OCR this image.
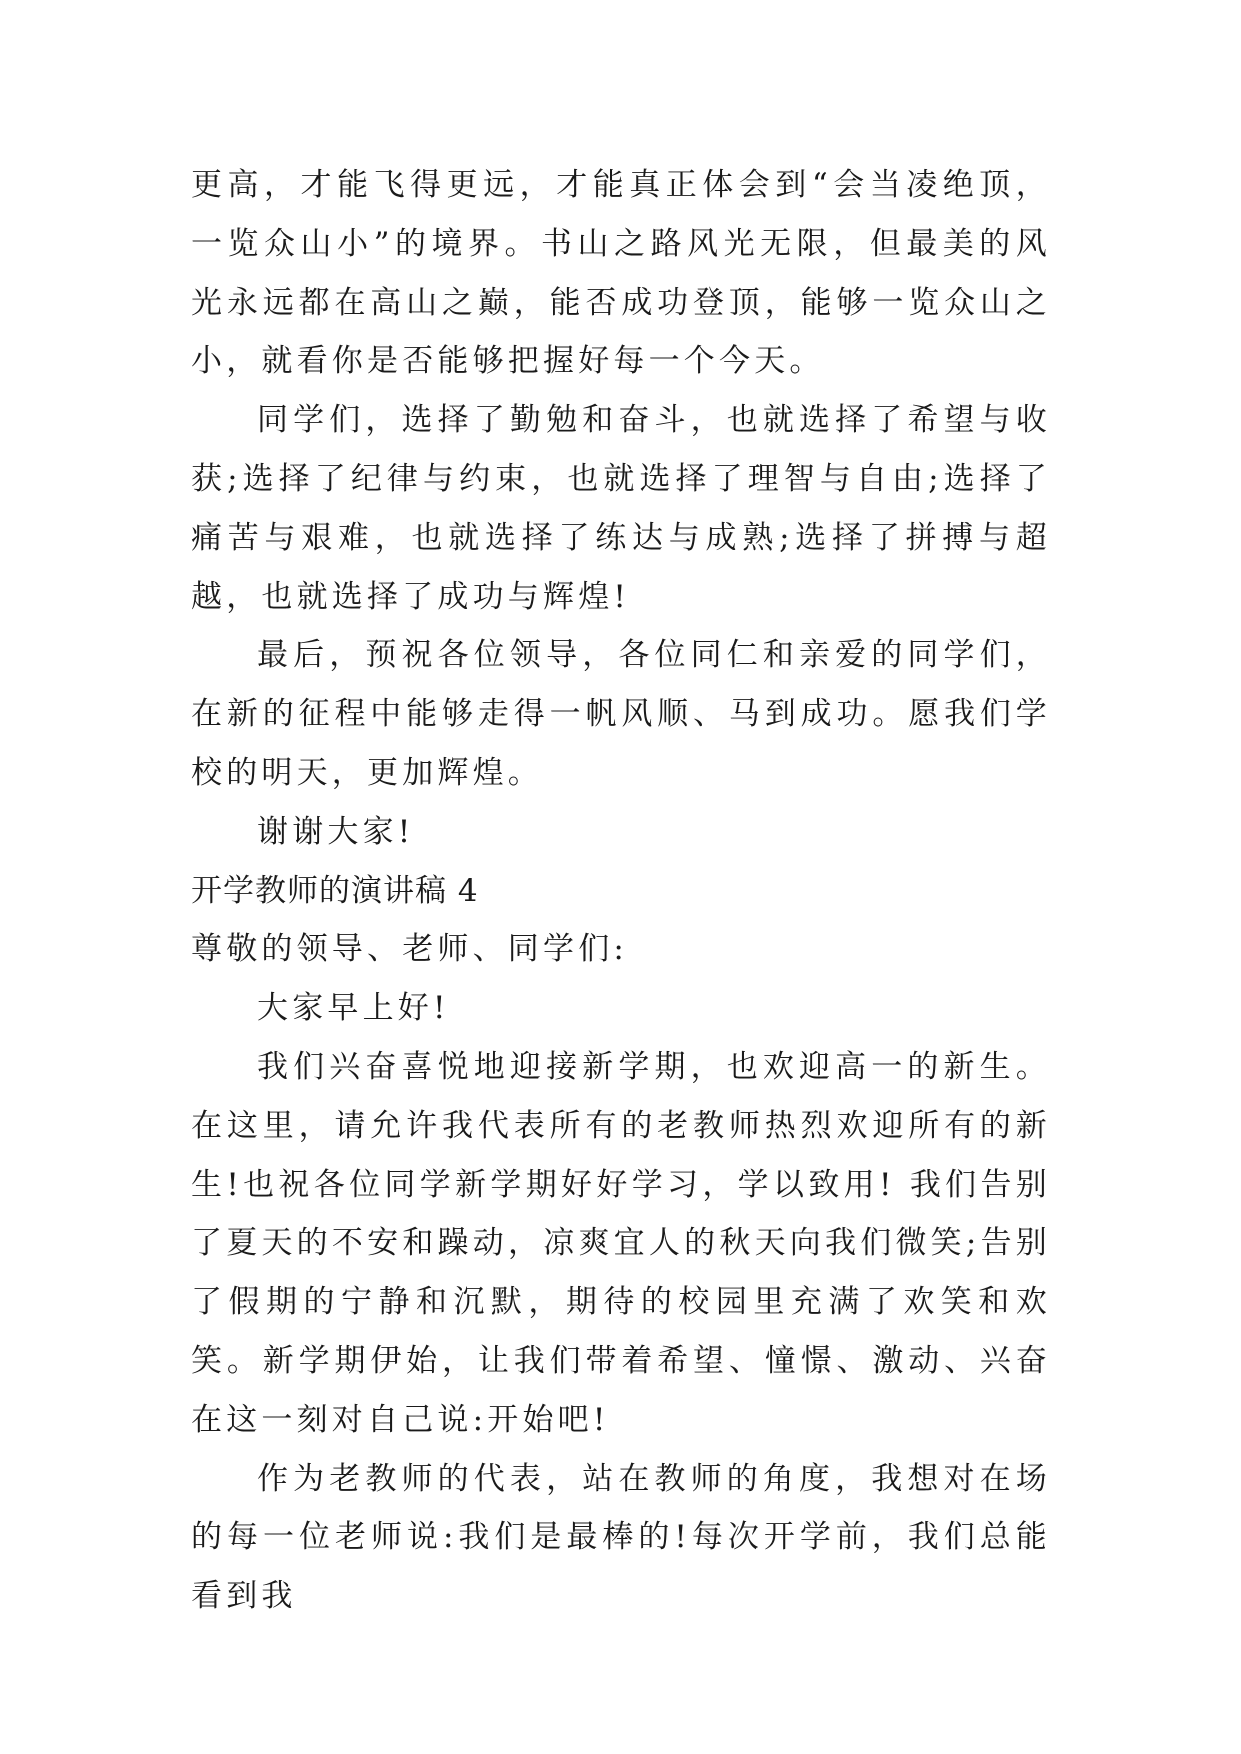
更高，才能飞得更远，才能真正体会到“会当凌绝顶，一览众山小”的境界。书山之路风光无限，但最美的风光永远都在高山之巅，能否成功登顶，能够一览众山之小，就看你是否能够把握好每一个今天。

同学们，选择了勤勉和奋斗，也就选择了希望与收获;选择了纪律与约束，也就选择了理智与自由;选择了痛苦与艰难，也就选择了练达与成熟;选择了拼搏与超越，也就选择了成功与辉煌!

最后，预祝各位领导，各位同仁和亲爱的同学们，在新的征程中能够走得一帆风顺、马到成功。愿我们学校的明天，更加辉煌。

谢谢大家!

开学教师的演讲稿 4

尊敬的领导、老师、同学们:

大家早上好!

我们兴奋喜悦地迎接新学期，也欢迎高一的新生。在这里，请允许我代表所有的老教师热烈欢迎所有的新生!也祝各位同学新学期好好学习，学以致用! 我们告别了夏天的不安和躁动，凉爽宜人的秋天向我们微笑;告别了假期的宁静和沉默，期待的校园里充满了欢笑和欢笑。新学期伊始，让我们带着希望、憧憬、激动、兴奋在这一刻对自己说:开始吧!

作为老教师的代表，站在教师的角度，我想对在场的每一位老师说:我们是最棒的!每次开学前，我们总能看到我
